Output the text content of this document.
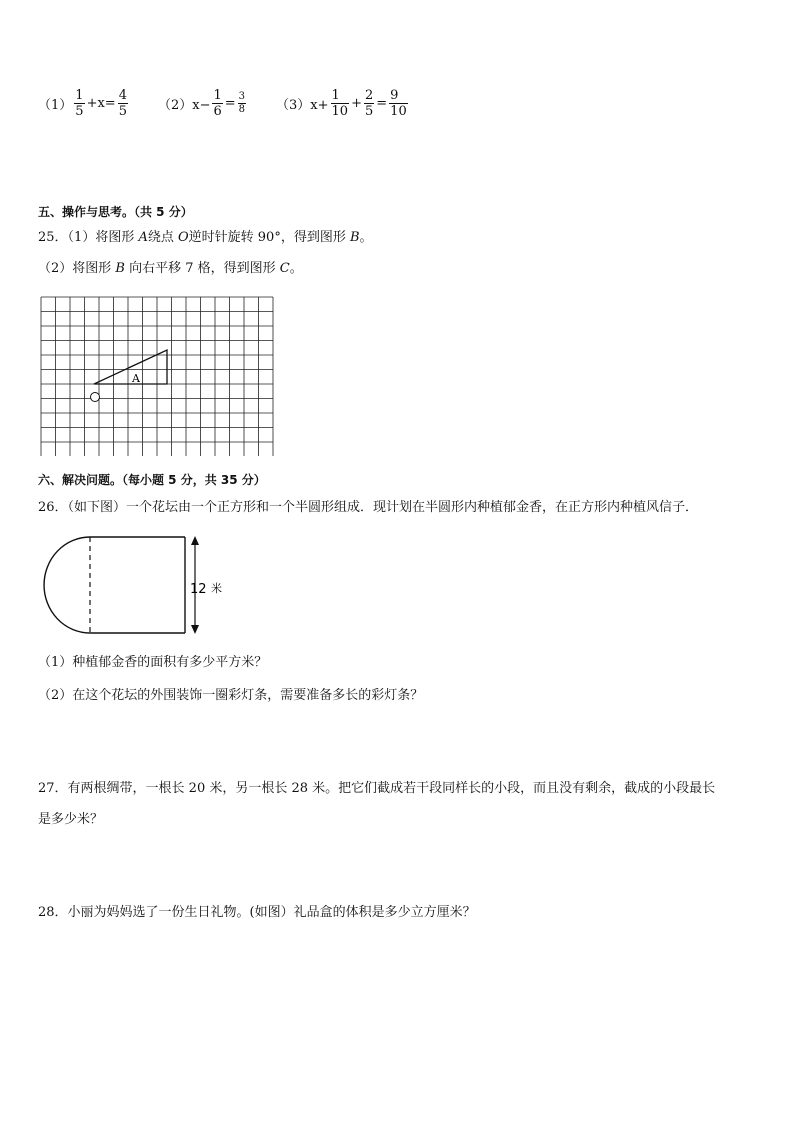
$(1) \frac{1}{5} +x= \frac{4}{5} (2)x- \frac{1}{6} = \frac{3}{8} (3)x+ \frac{1}{10} + \frac{2}{5} = \frac{9}{10}$
五、操作与思考。（共 5 分）
25．（1）将图形 A绕点 O逆时针旋转 90°，得到图形 B。
（2）将图形 B 向右平移 7 格，得到图形 C。
A
六、解决问题。（每小题 5 分，共 35 分）
26．（如下图）一个花坛由一个正方形和一个半圆形组成．现计划在半圆形内种植郁金香，在正方形内种植风信子．
12 米
（1）种植郁金香的面积有多少平方米？
（2）在这个花坛的外围装饰一圈彩灯条，需要准备多长的彩灯条？
27．有两根绸带，一根长 20 米，另一根长 28 米。把它们截成若干段同样长的小段，而且没有剩余，截成的小段最长
是多少米？
28．小丽为妈妈选了一份生日礼物。(如图）礼品盒的体积是多少立方厘米？
